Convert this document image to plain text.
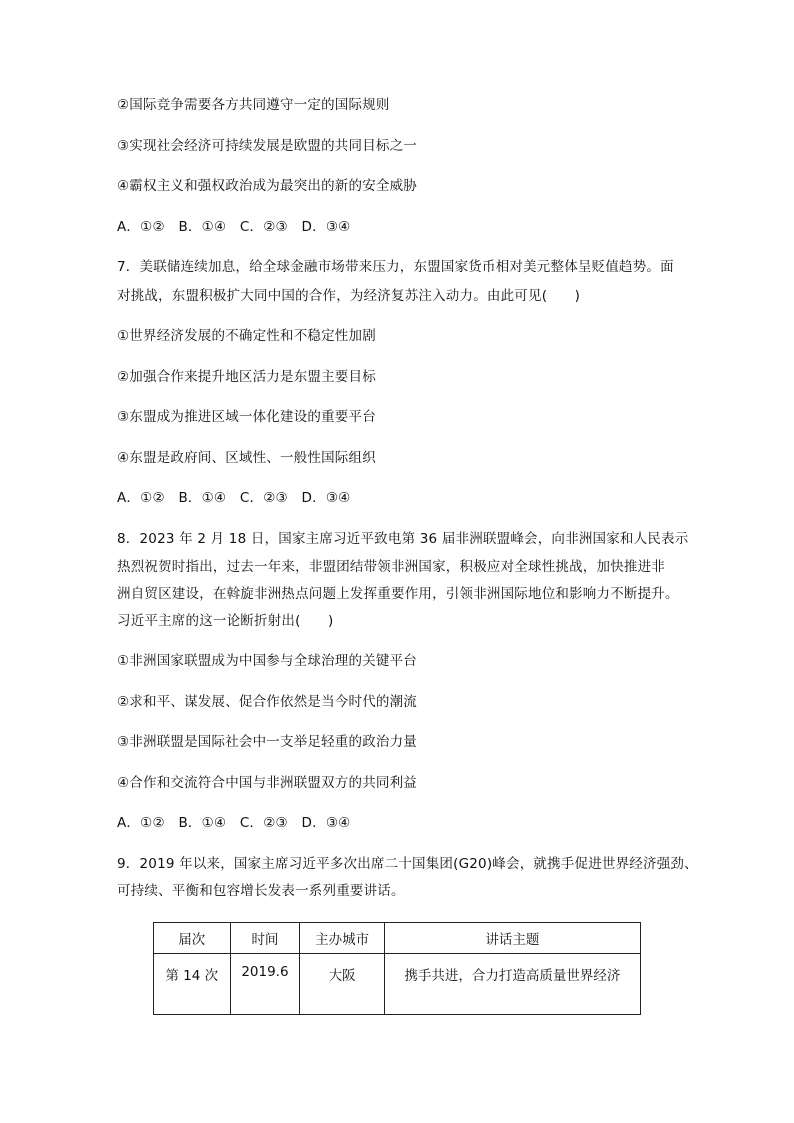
②国际竞争需要各方共同遵守一定的国际规则
③实现社会经济可持续发展是欧盟的共同目标之一
④霸权主义和强权政治成为最突出的新的安全威胁
A．①②　B．①④　C．②③　D．③④
7．美联储连续加息，给全球金融市场带来压力，东盟国家货币相对美元整体呈贬值趋势。面
对挑战，东盟积极扩大同中国的合作，为经济复苏注入动力。由此可见(　　)
①世界经济发展的不确定性和不稳定性加剧
②加强合作来提升地区活力是东盟主要目标
③东盟成为推进区域一体化建设的重要平台
④东盟是政府间、区域性、一般性国际组织
A．①②　B．①④　C．②③　D．③④
8．2023 年 2 月 18 日，国家主席习近平致电第 36 届非洲联盟峰会，向非洲国家和人民表示
热烈祝贺时指出，过去一年来，非盟团结带领非洲国家，积极应对全球性挑战，加快推进非
洲自贸区建设，在斡旋非洲热点问题上发挥重要作用，引领非洲国际地位和影响力不断提升。
习近平主席的这一论断折射出(　　)
①非洲国家联盟成为中国参与全球治理的关键平台
②求和平、谋发展、促合作依然是当今时代的潮流
③非洲联盟是国际社会中一支举足轻重的政治力量
④合作和交流符合中国与非洲联盟双方的共同利益
A．①②　B．①④　C．②③　D．③④
9．2019 年以来，国家主席习近平多次出席二十国集团(G20)峰会，就携手促进世界经济强劲、
可持续、平衡和包容增长发表一系列重要讲话。
届次	时间	主办城市	讲话主题
第 14 次	2019.6	大阪	携手共进，合力打造高质量世界经济
